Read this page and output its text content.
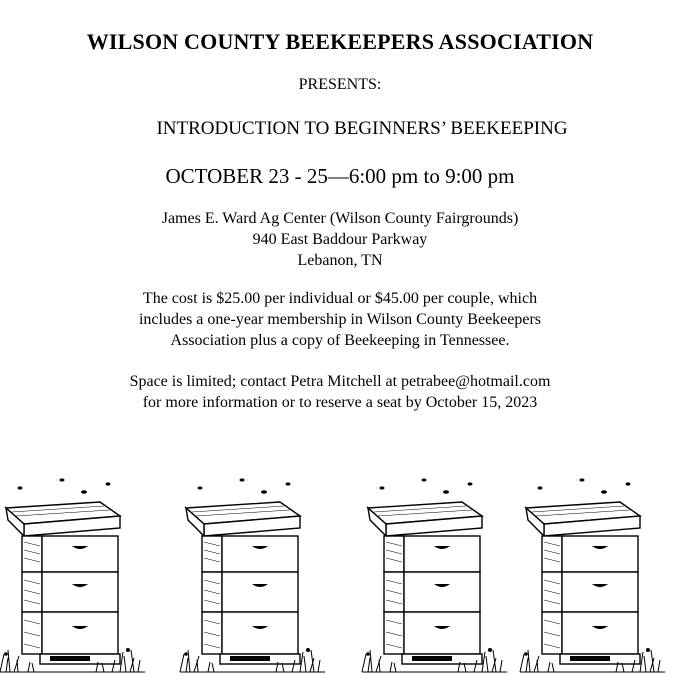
WILSON COUNTY BEEKEEPERS ASSOCIATION
PRESENTS:
INTRODUCTION TO BEGINNERS’ BEEKEEPING
OCTOBER 23 - 25—6:00 pm to 9:00 pm
James E. Ward Ag Center (Wilson County Fairgrounds)
940 East Baddour Parkway
Lebanon, TN
The cost is $25.00 per individual or $45.00 per couple, which
includes a one-year membership in Wilson County Beekeepers
Association plus a copy of Beekeeping in Tennessee.
Space is limited; contact Petra Mitchell at petrabee@hotmail.com
for more information or to reserve a seat by October 15, 2023
